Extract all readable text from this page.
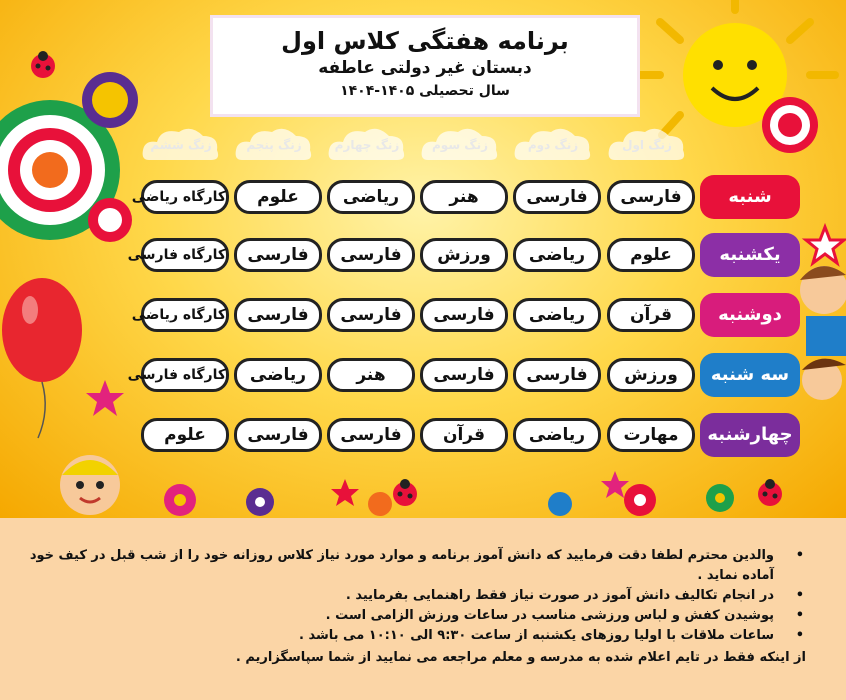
برنامه هفتگی کلاس اول
دبستان غیر دولتی عاطفه
سال تحصیلی ۱۴۰۵-۱۴۰۴
زنگ اول
زنگ دوم
زنگ سوم
زنگ چهارم
زنگ پنجم
زنگ ششم
شنبه
فارسی
فارسی
هنر
ریاضی
علوم
کارگاه ریاضی
یکشنبه
علوم
ریاضی
ورزش
فارسی
فارسی
کارگاه فارسی
دوشنبه
قرآن
ریاضی
فارسی
فارسی
فارسی
کارگاه ریاضی
سه شنبه
ورزش
فارسی
فارسی
هنر
ریاضی
کارگاه فارسی
چهارشنبه
مهارت
ریاضی
قرآن
فارسی
فارسی
علوم
• والدین محترم لطفا دقت فرمایید که دانش آموز برنامه و موارد مورد نیاز کلاس روزانه خود را از شب قبل در کیف خود آماده نماید .
• در انجام تکالیف دانش آموز در صورت نیاز فقط راهنمایی بفرمایید .
• پوشیدن کفش و لباس ورزشی مناسب در ساعات ورزش الزامی است .
• ساعات ملاقات با اولیا روزهای یکشنبه از ساعت ۹:۳۰ الی ۱۰:۱۰ می باشد .
از اینکه فقط در تایم اعلام شده به مدرسه و معلم مراجعه می نمایید از شما سپاسگزاریم .
